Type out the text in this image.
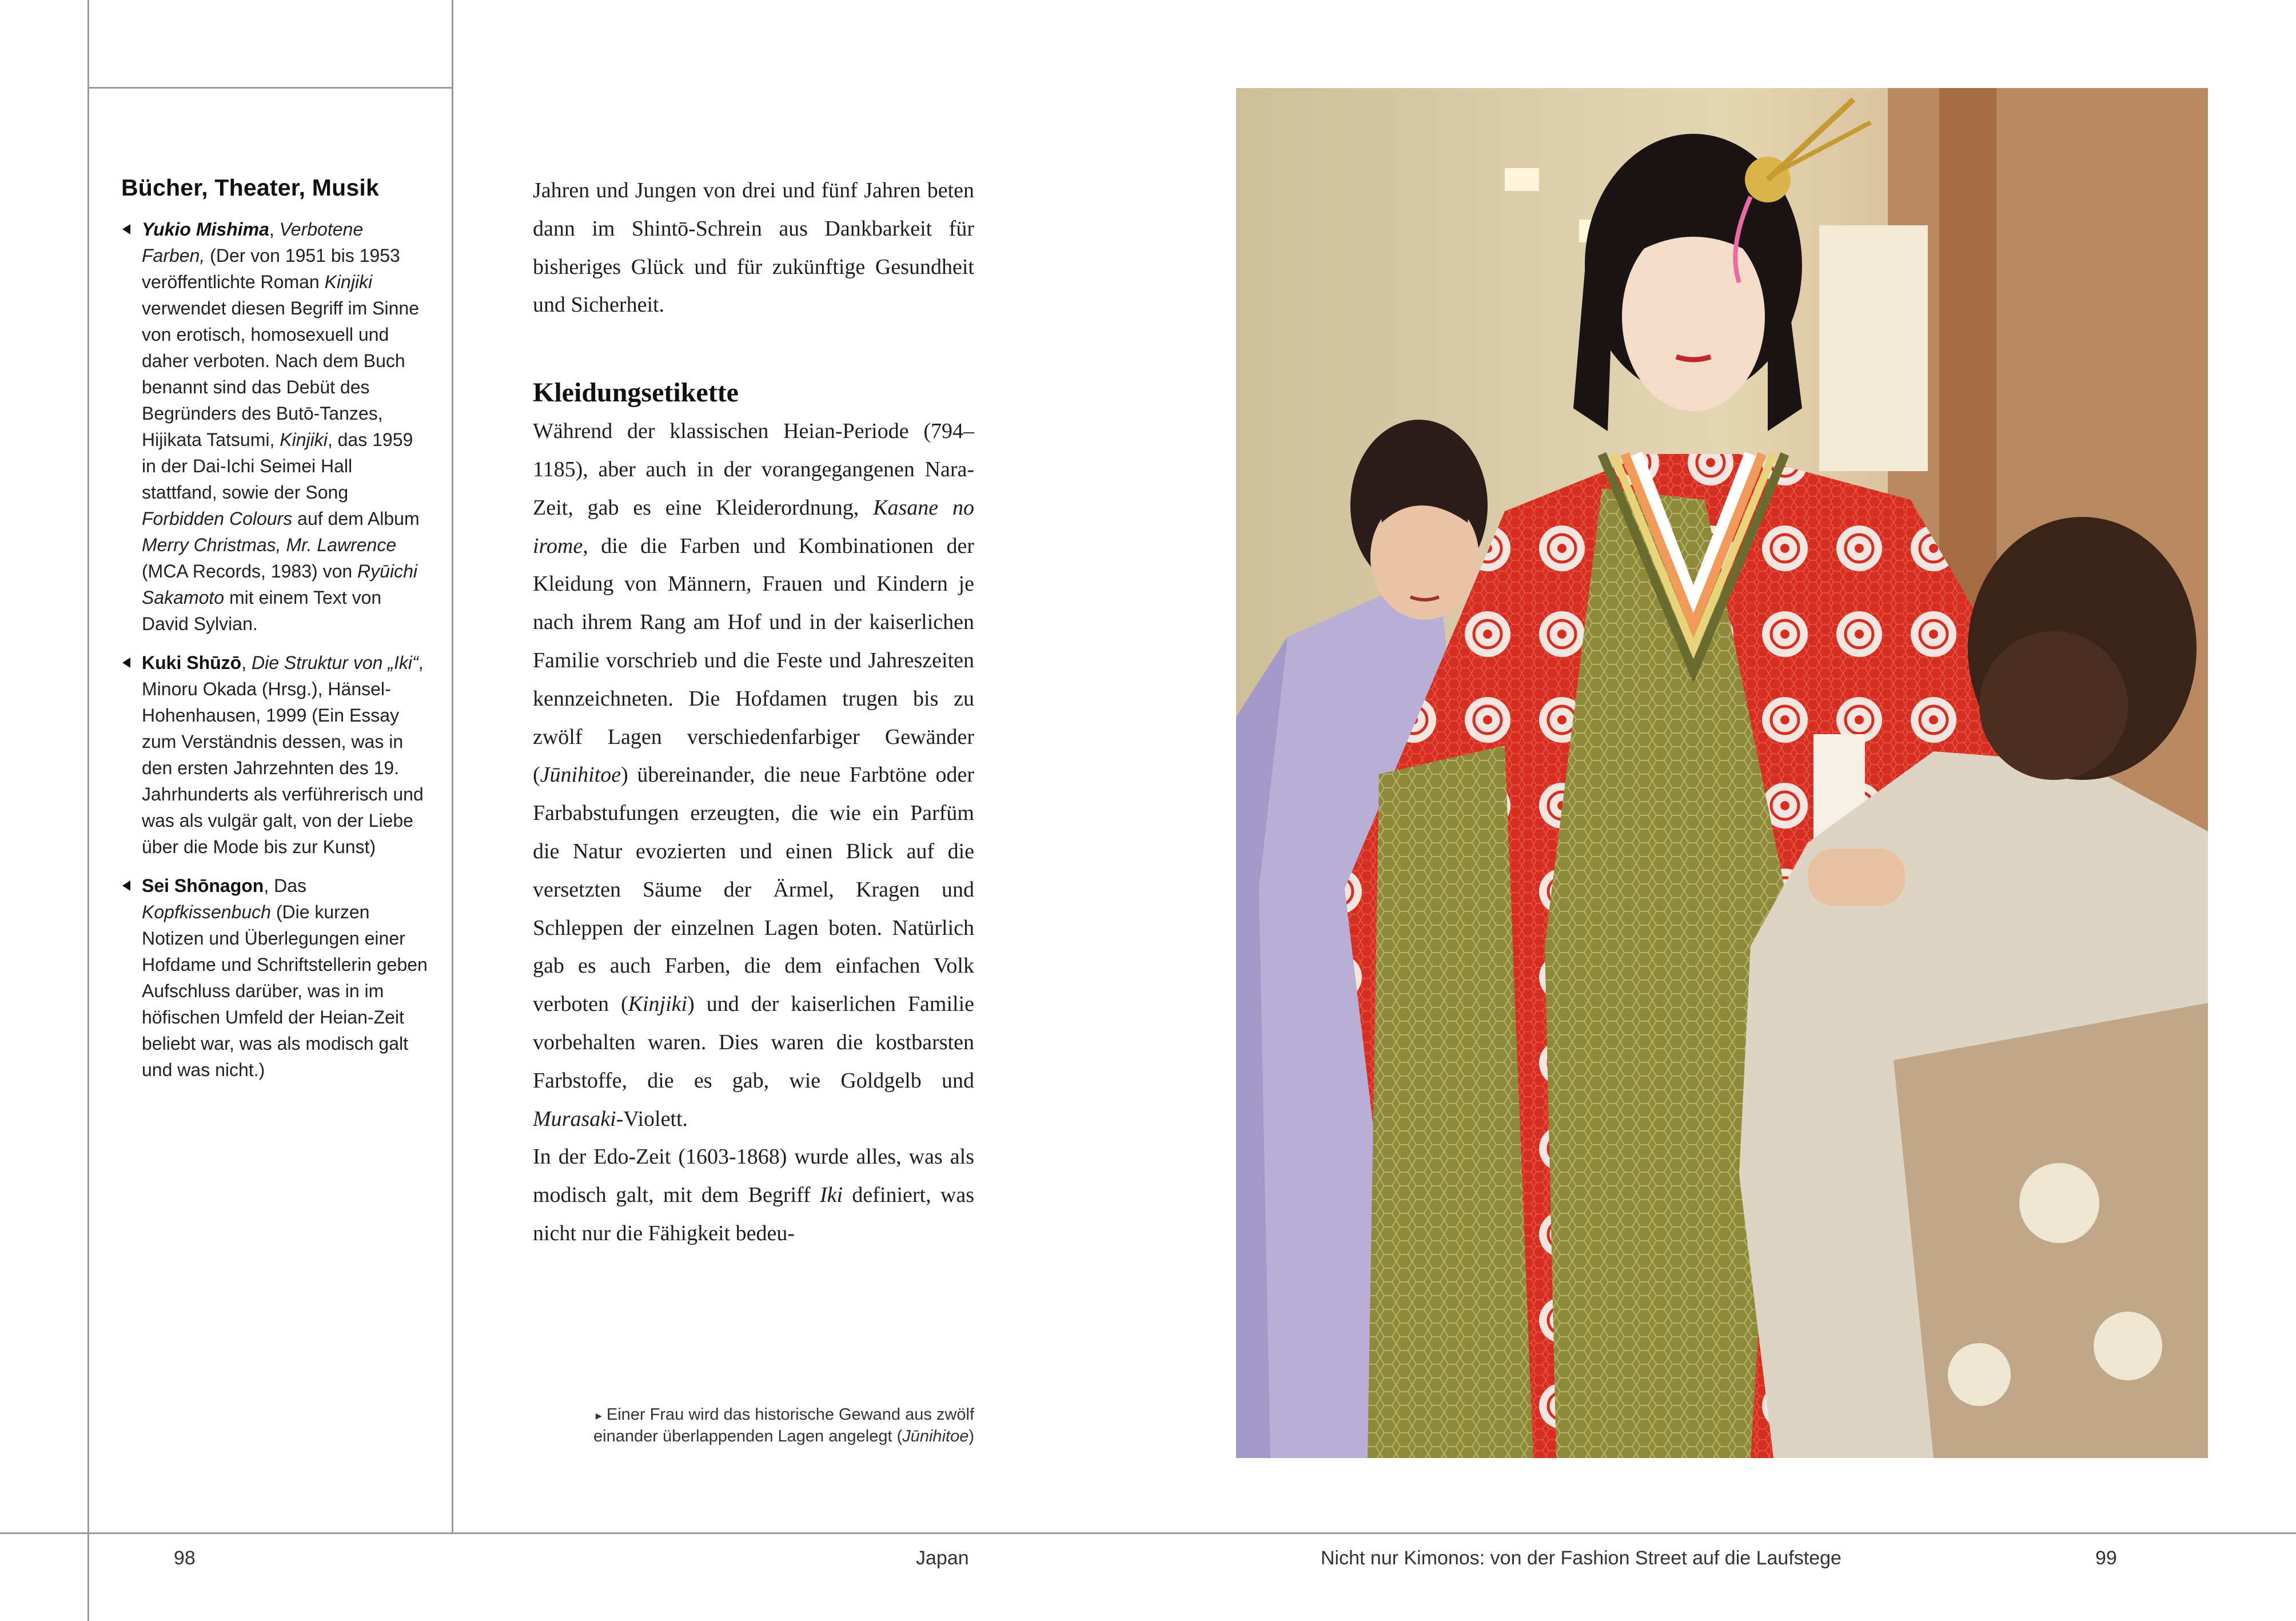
Bücher, Theater, Musik
Yukio Mishima, Verbotene Farben, (Der von 1951 bis 1953 veröffentlichte Roman Kinjiki verwendet diesen Begriff im Sinne von erotisch, homosexuell und daher verboten. Nach dem Buch benannt sind das Debüt des Begründers des Butō-Tanzes, Hijikata Tatsumi, Kinjiki, das 1959 in der Dai-Ichi Seimei Hall stattfand, sowie der Song Forbidden Colours auf dem Album Merry Christmas, Mr. Lawrence (MCA Records, 1983) von Ryūichi Sakamoto mit einem Text von David Sylvian.
Kuki Shūzō, Die Struktur von „Iki“, Minoru Okada (Hrsg.), Hänsel-Hohenhausen, 1999 (Ein Essay zum Verständnis dessen, was in den ersten Jahrzehnten des 19. Jahrhunderts als verführerisch und was als vulgär galt, von der Liebe über die Mode bis zur Kunst)
Sei Shōnagon, Das Kopfkissenbuch (Die kurzen Notizen und Überlegungen einer Hofdame und Schriftstellerin geben Aufschluss darüber, was in im höfischen Umfeld der Heian-Zeit beliebt war, was als modisch galt und was nicht.)

Jahren und Jungen von drei und fünf Jahren beten dann im Shintō-Schrein aus Dankbarkeit für bisheriges Glück und für zukünftige Gesundheit und Sicherheit.

Kleidungsetikette

Während der klassischen Heian-Periode (794–1185), aber auch in der vorangegangenen Nara-Zeit, gab es eine Kleiderordnung, Kasane no irome, die die Farben und Kombinationen der Kleidung von Männern, Frauen und Kindern je nach ihrem Rang am Hof und in der kaiserlichen Familie vorschrieb und die Feste und Jahreszeiten kennzeichneten. Die Hofdamen trugen bis zu zwölf Lagen verschiedenfarbiger Gewänder (Jūnihitoe) übereinander, die neue Farbtöne oder Farbabstufungen erzeugten, die wie ein Parfüm die Natur evozierten und einen Blick auf die versetzten Säume der Ärmel, Kragen und Schleppen der einzelnen Lagen boten. Natürlich gab es auch Farben, die dem einfachen Volk verboten (Kinjiki) und der kaiserlichen Familie vorbehalten waren. Dies waren die kostbarsten Farbstoffe, die es gab, wie Goldgelb und Murasaki-Violett.

In der Edo-Zeit (1603-1868) wurde alles, was als modisch galt, mit dem Begriff Iki definiert, was nicht nur die Fähigkeit bedeu-

▸ Einer Frau wird das historische Gewand aus zwölf einander überlappenden Lagen angelegt (Jūnihitoe)
98	Japan	Nicht nur Kimonos: von der Fashion Street auf die Laufstege	99
